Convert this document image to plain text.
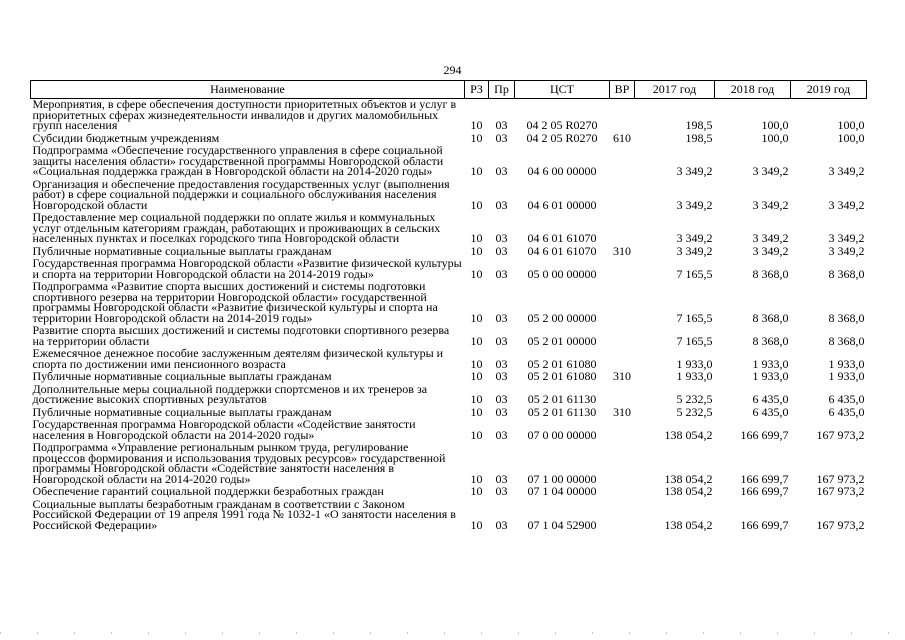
294
Наименование	РЗ	Пр	ЦСТ	ВР	2017 год	2018 год	2019 год
Мероприятия, в сфере обеспечения доступности приоритетных объектов и услуг в приоритетных сферах жизнедеятельности инвалидов и других маломобильных групп населения	10	03	04 2 05 R0270		198,5	100,0	100,0
Субсидии бюджетным учреждениям	10	03	04 2 05 R0270	610	198,5	100,0	100,0
Подпрограмма «Обеспечение государственного управления в сфере социальной защиты населения области» государственной программы Новгородской области «Социальная поддержка граждан в Новгородской области на 2014-2020 годы»	10	03	04 6 00 00000		3 349,2	3 349,2	3 349,2
Организация и обеспечение предоставления государственных услуг (выполнения работ) в сфере социальной поддержки и социального обслуживания населения Новгородской области	10	03	04 6 01 00000		3 349,2	3 349,2	3 349,2
Предоставление мер социальной поддержки по оплате жилья и коммунальных услуг отдельным категориям граждан, работающих и проживающих в сельских населенных пунктах и поселках городского типа Новгородской области	10	03	04 6 01 61070		3 349,2	3 349,2	3 349,2
Публичные нормативные социальные выплаты гражданам	10	03	04 6 01 61070	310	3 349,2	3 349,2	3 349,2
Государственная программа Новгородской области «Развитие физической культуры и спорта на территории Новгородской области на 2014-2019 годы»	10	03	05 0 00 00000		7 165,5	8 368,0	8 368,0
Подпрограмма «Развитие спорта высших достижений и системы подготовки спортивного резерва на территории Новгородской области» государственной программы Новгородской области «Развитие физической культуры и спорта на территории Новгородской области на 2014-2019 годы»	10	03	05 2 00 00000		7 165,5	8 368,0	8 368,0
Развитие спорта высших достижений и системы подготовки спортивного резерва на территории области	10	03	05 2 01 00000		7 165,5	8 368,0	8 368,0
Ежемесячное денежное пособие заслуженным деятелям физической культуры и спорта по достижении ими пенсионного возраста	10	03	05 2 01 61080		1 933,0	1 933,0	1 933,0
Публичные нормативные социальные выплаты гражданам	10	03	05 2 01 61080	310	1 933,0	1 933,0	1 933,0
Дополнительные меры социальной поддержки спортсменов и их тренеров за достижение высоких спортивных результатов	10	03	05 2 01 61130		5 232,5	6 435,0	6 435,0
Публичные нормативные социальные выплаты гражданам	10	03	05 2 01 61130	310	5 232,5	6 435,0	6 435,0
Государственная программа Новгородской области «Содействие занятости населения в Новгородской области на 2014-2020 годы»	10	03	07 0 00 00000		138 054,2	166 699,7	167 973,2
Подпрограмма «Управление региональным рынком труда, регулирование процессов формирования и использования трудовых ресурсов» государственной программы Новгородской области «Содействие занятости населения в Новгородской области на 2014-2020 годы»	10	03	07 1 00 00000		138 054,2	166 699,7	167 973,2
Обеспечение гарантий социальной поддержки безработных граждан	10	03	07 1 04 00000		138 054,2	166 699,7	167 973,2
Социальные выплаты безработным гражданам в соответствии с Законом Российской Федерации от 19 апреля 1991 года № 1032-1 «О занятости населения в Российской Федерации»	10	03	07 1 04 52900		138 054,2	166 699,7	167 973,2
